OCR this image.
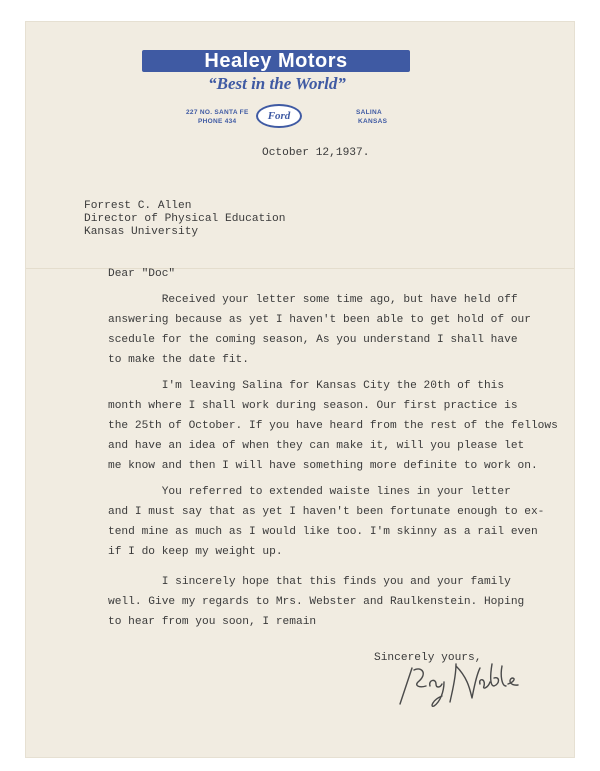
Healey Motors
“Best in the World”
227 NO. SANTA FE
PHONE 434	Ford	SALINA
KANSAS
October 12,1937.
Forrest C. Allen
Director of Physical Education
Kansas University
Dear "Doc"
Received your letter some time ago, but have held off
answering because as yet I haven't been able to get hold of our
scedule for the coming season, As you understand I shall have
to make the date fit.
I'm leaving Salina for Kansas City the 20th of this
month where I shall work during season. Our first practice is
the 25th of October. If you have heard from the rest of the fellows
and have an idea of when they can make it, will you please let
me know and then I will have something more definite to work on.
You referred to extended waiste lines in your letter
and I must say that as yet I haven't been fortunate enough to ex-
tend mine as much as I would like too. I'm skinny as a rail even
if I do keep my weight up.
I sincerely hope that this finds you and your family
well. Give my regards to Mrs. Webster and Raulkenstein. Hoping
to hear from you soon, I remain
Sincerely yours,
